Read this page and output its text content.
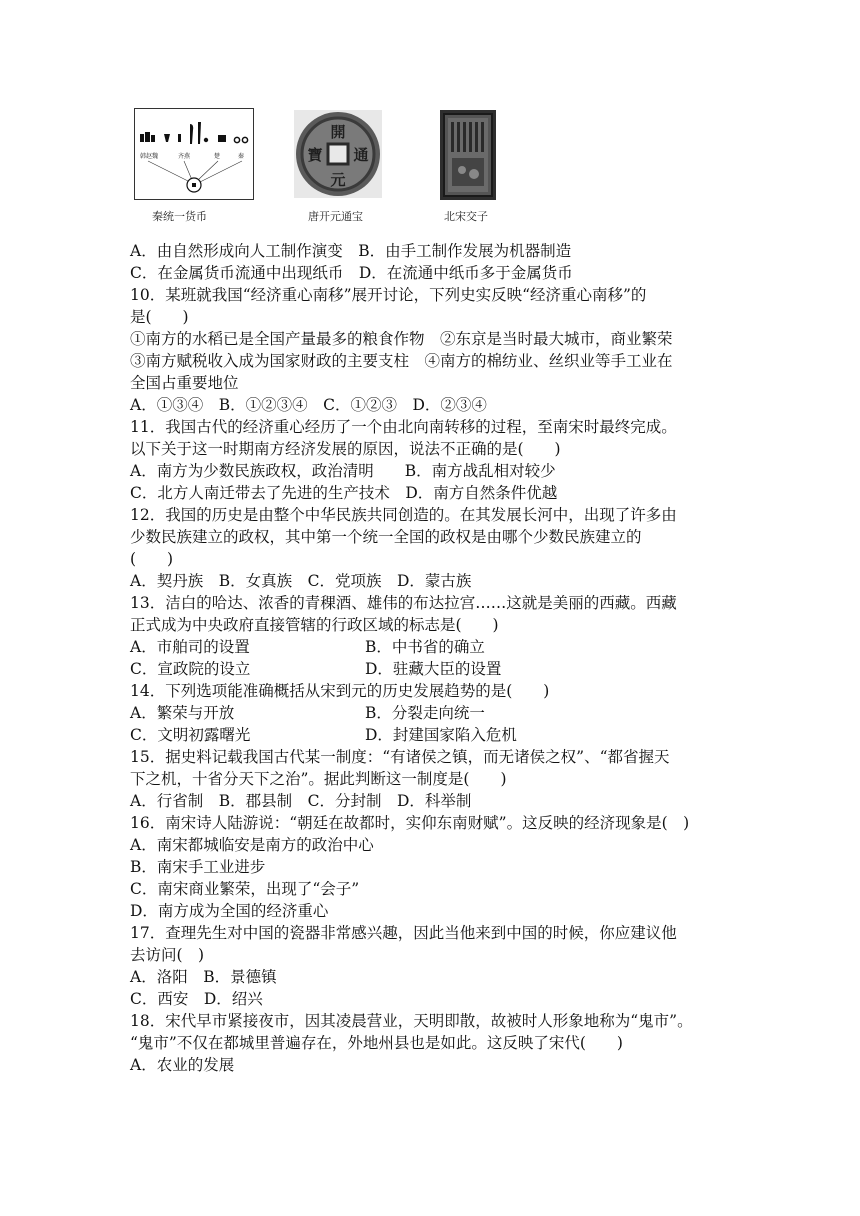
韩赵魏	齐燕	楚	秦
秦统一货币
開
元
通
寶
唐开元通宝	北宋交子
A．由自然形成向人工制作演变　B．由手工制作发展为机器制造
C．在金属货币流通中出现纸币　D．在流通中纸币多于金属货币
10．某班就我国“经济重心南移”展开讨论，下列史实反映“经济重心南移”的
是(　　)
①南方的水稻已是全国产量最多的粮食作物　②东京是当时最大城市，商业繁荣
③南方赋税收入成为国家财政的主要支柱　④南方的棉纺业、丝织业等手工业在
全国占重要地位
A．①③④　B．①②③④　C．①②③　D．②③④
11．我国古代的经济重心经历了一个由北向南转移的过程，至南宋时最终完成。
以下关于这一时期南方经济发展的原因，说法不正确的是(　　)
A．南方为少数民族政权，政治清明　　B．南方战乱相对较少
C．北方人南迁带去了先进的生产技术　D．南方自然条件优越
12．我国的历史是由整个中华民族共同创造的。在其发展长河中，出现了许多由
少数民族建立的政权，其中第一个统一全国的政权是由哪个少数民族建立的
(　　)
A．契丹族　B．女真族　C．党项族　D．蒙古族
13．洁白的哈达、浓香的青稞酒、雄伟的布达拉宫……这就是美丽的西藏。西藏
正式成为中央政府直接管辖的行政区域的标志是(　　)
A．市舶司的设置	B．中书省的确立
C．宣政院的设立	D．驻藏大臣的设置
14．下列选项能准确概括从宋到元的历史发展趋势的是(　　)
A．繁荣与开放	B．分裂走向统一
C．文明初露曙光	D．封建国家陷入危机
15．据史料记载我国古代某一制度：“有诸侯之镇，而无诸侯之权”、“都省握天
下之机，十省分天下之治”。据此判断这一制度是(　　)
A．行省制　B．郡县制　C．分封制　D．科举制
16．南宋诗人陆游说：“朝廷在故都时，实仰东南财赋”。这反映的经济现象是(　)
A．南宋都城临安是南方的政治中心
B．南宋手工业进步
C．南宋商业繁荣，出现了“会子”
D．南方成为全国的经济重心
17．查理先生对中国的瓷器非常感兴趣，因此当他来到中国的时候，你应建议他
去访问(　)
A．洛阳　B．景德镇
C．西安　D．绍兴
18．宋代早市紧接夜市，因其凌晨营业，天明即散，故被时人形象地称为“鬼市”。
“鬼市”不仅在都城里普遍存在，外地州县也是如此。这反映了宋代(　　)
A．农业的发展
